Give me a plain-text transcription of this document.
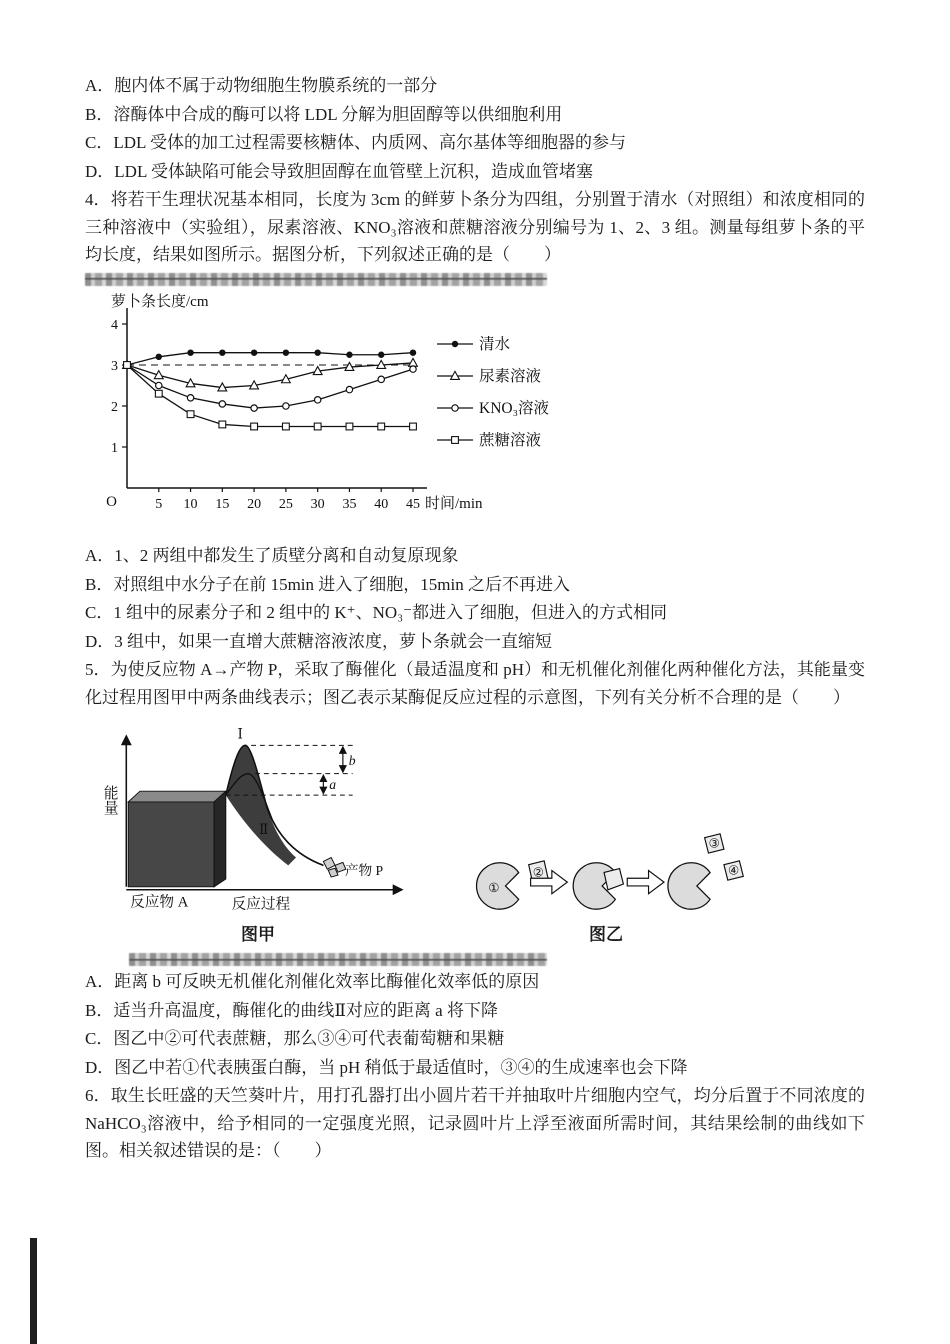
A．胞内体不属于动物细胞生物膜系统的一部分

B．溶酶体中合成的酶可以将 LDL 分解为胆固醇等以供细胞利用

C．LDL 受体的加工过程需要核糖体、内质网、高尔基体等细胞器的参与

D．LDL 受体缺陷可能会导致胆固醇在血管壁上沉积，造成血管堵塞

4．将若干生理状况基本相同，长度为 3cm 的鲜萝卜条分为四组，分别置于清水（对照组）和浓度相同的三种溶液中（实验组），尿素溶液、KNO₃溶液和蔗糖溶液分别编号为 1、2、3 组。测量每组萝卜条的平均长度，结果如图所示。据图分析，下列叙述正确的是（　　）

1
2
3
4
5 10 15 20 25 30 35 40 45
O
萝卜条长度/cm
时间/min
清水
尿素溶液
KNO₃溶液
蔗糖溶液

A．1、2 两组中都发生了质壁分离和自动复原现象

B．对照组中水分子在前 15min 进入了细胞，15min 之后不再进入

C．1 组中的尿素分子和 2 组中的 K⁺、NO₃⁻都进入了细胞，但进入的方式相同

D．3 组中，如果一直增大蔗糖溶液浓度，萝卜条就会一直缩短

5．为使反应物 A→产物 P，采取了酶催化（最适温度和 pH）和无机催化剂催化两种催化方法，其能量变化过程用图甲中两条曲线表示；图乙表示某酶促反应过程的示意图，下列有关分析不合理的是（　　）

能量
b
a
Ⅰ
Ⅱ
产物 P
反应物 A	反应过程
图甲
①
②
③
④
图乙

A．距离 b 可反映无机催化剂催化效率比酶催化效率低的原因

B．适当升高温度，酶催化的曲线Ⅱ对应的距离 a 将下降

C．图乙中②可代表蔗糖，那么③④可代表葡萄糖和果糖

D．图乙中若①代表胰蛋白酶，当 pH 稍低于最适值时，③④的生成速率也会下降

6．取生长旺盛的天竺葵叶片，用打孔器打出小圆片若干并抽取叶片细胞内空气，均分后置于不同浓度的NaHCO₃溶液中，给予相同的一定强度光照，记录圆叶片上浮至液面所需时间，其结果绘制的曲线如下图。相关叙述错误的是：（　　）
